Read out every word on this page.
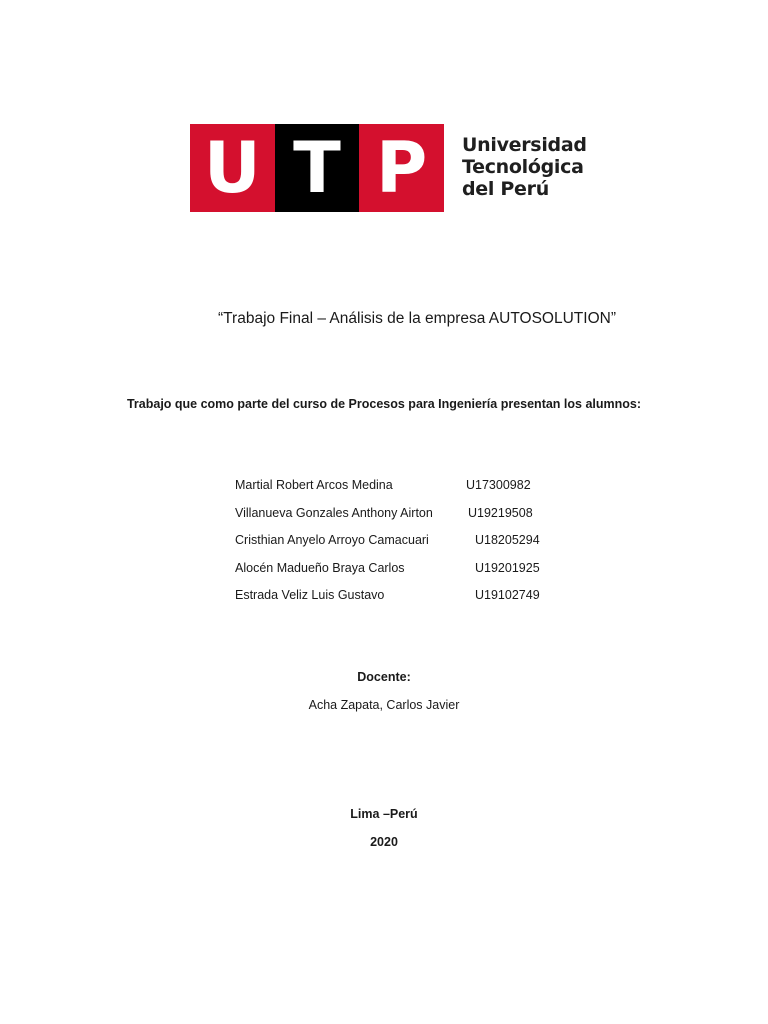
U T P	Universidad
Tecnológica
del Perú
“Trabajo Final – Análisis de la empresa AUTOSOLUTION”
Trabajo que como parte del curso de Procesos para Ingeniería presentan los alumnos:
Martial Robert Arcos Medina	U17300982
Villanueva Gonzales Anthony Airton	U19219508
Cristhian Anyelo Arroyo Camacuari	U18205294
Alocén Madueño Braya Carlos	U19201925
Estrada Veliz Luis Gustavo	U19102749
Docente:
Acha Zapata, Carlos Javier
Lima –Perú
2020
